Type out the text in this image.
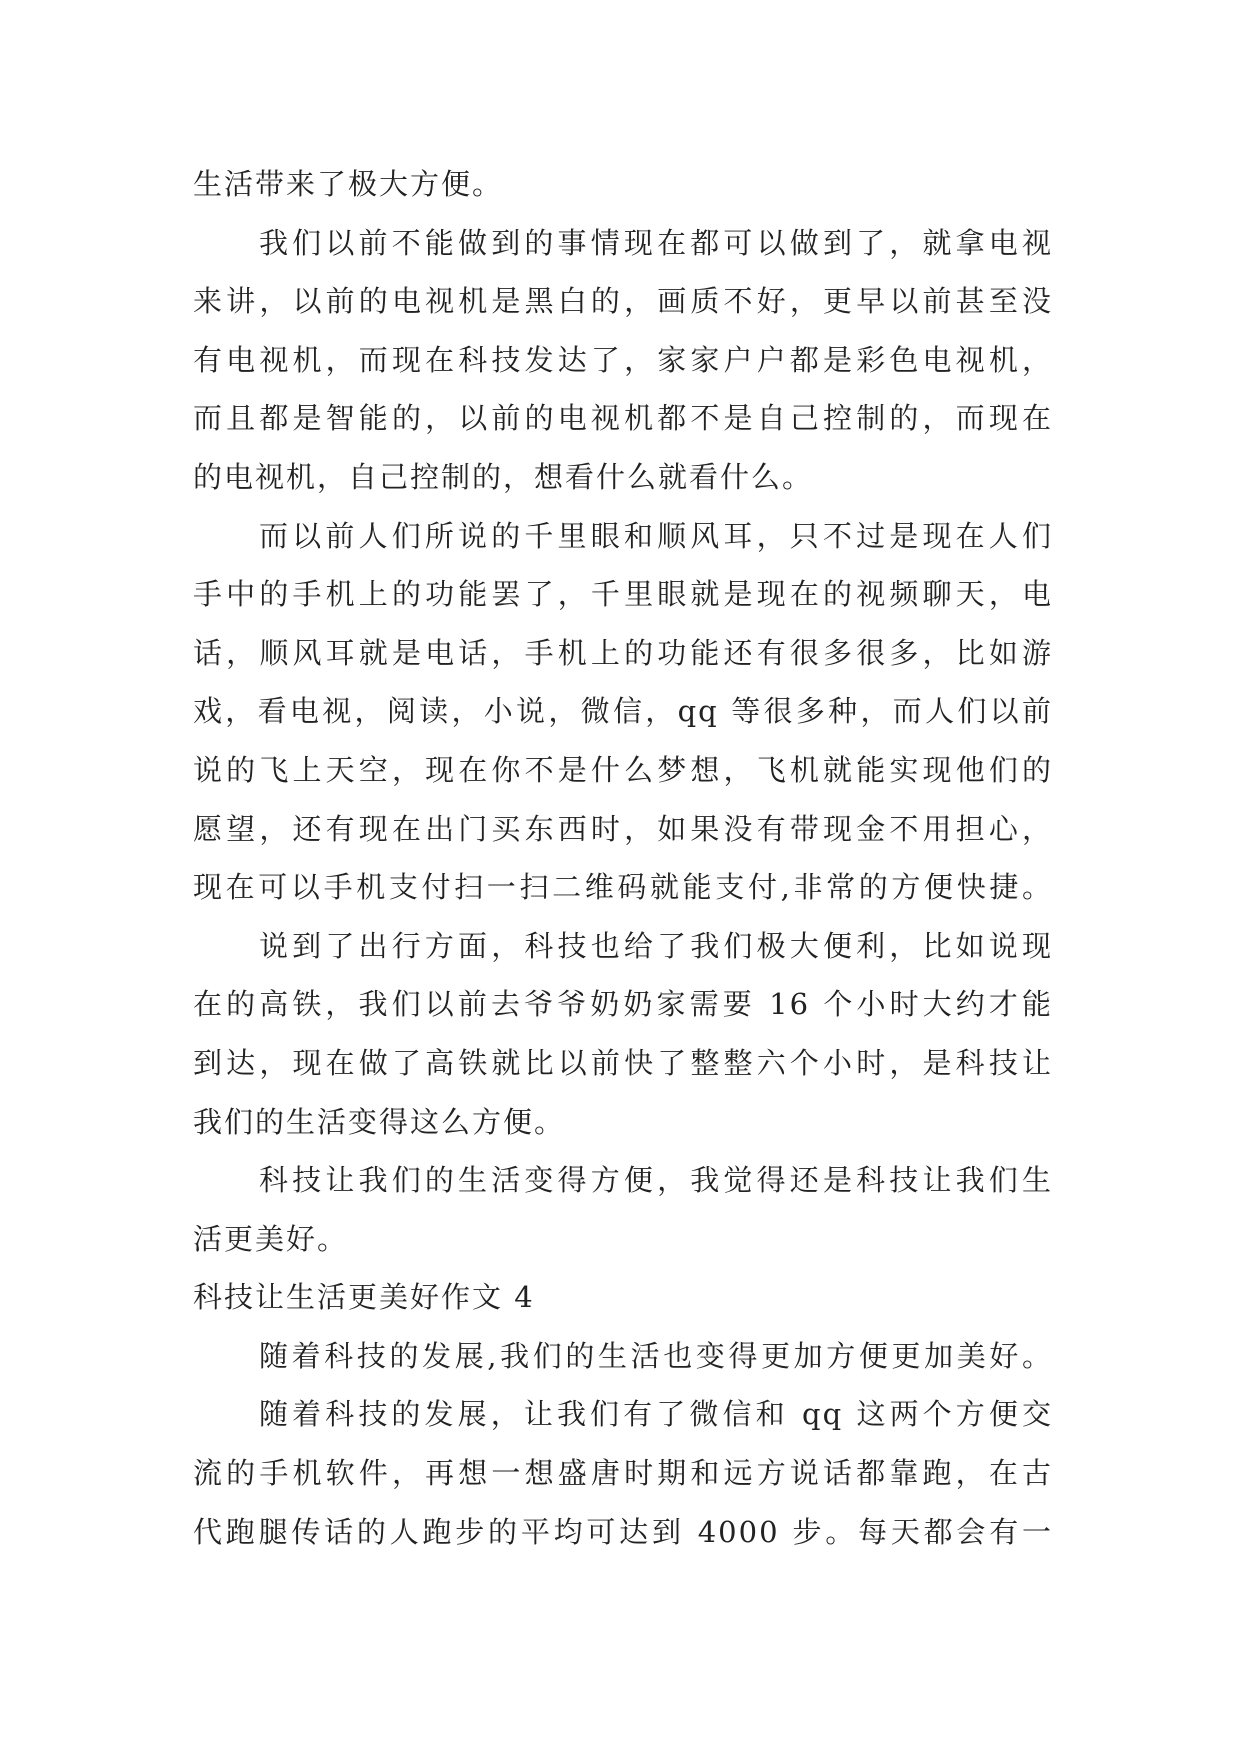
生活带来了极大方便。
我们以前不能做到的事情现在都可以做到了，就拿电视
来讲，以前的电视机是黑白的，画质不好，更早以前甚至没
有电视机，而现在科技发达了，家家户户都是彩色电视机，
而且都是智能的，以前的电视机都不是自己控制的，而现在
的电视机，自己控制的，想看什么就看什么。
而以前人们所说的千里眼和顺风耳，只不过是现在人们
手中的手机上的功能罢了，千里眼就是现在的视频聊天，电
话，顺风耳就是电话，手机上的功能还有很多很多，比如游
戏，看电视，阅读，小说，微信，qq 等很多种，而人们以前
说的飞上天空，现在你不是什么梦想，飞机就能实现他们的
愿望，还有现在出门买东西时，如果没有带现金不用担心，
现在可以手机支付扫一扫二维码就能支付,非常的方便快捷。
说到了出行方面，科技也给了我们极大便利，比如说现
在的高铁，我们以前去爷爷奶奶家需要 16 个小时大约才能
到达，现在做了高铁就比以前快了整整六个小时，是科技让
我们的生活变得这么方便。
科技让我们的生活变得方便，我觉得还是科技让我们生
活更美好。
科技让生活更美好作文 4
随着科技的发展,我们的生活也变得更加方便更加美好。
随着科技的发展，让我们有了微信和 qq 这两个方便交
流的手机软件，再想一想盛唐时期和远方说话都靠跑，在古
代跑腿传话的人跑步的平均可达到 4000 步。每天都会有一
